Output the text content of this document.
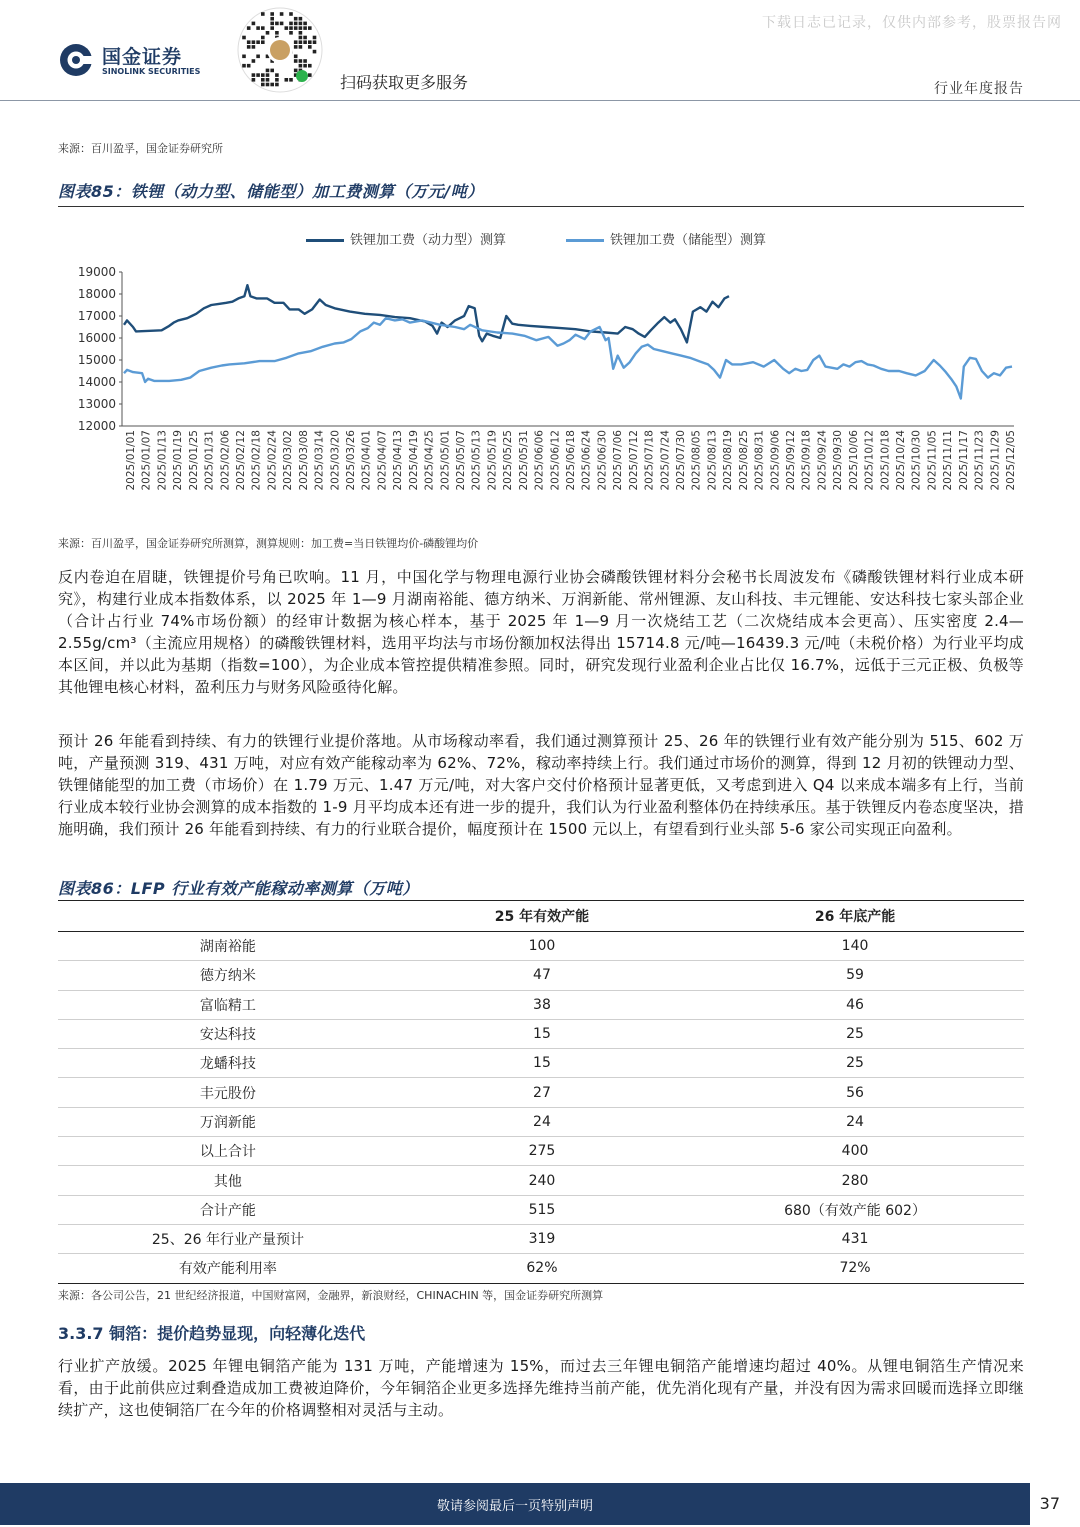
国金证券
SINOLINK SECURITIES
扫码获取更多服务
下载日志已记录，仅供内部参考，股票报告网
行业年度报告
来源：百川盈孚，国金证券研究所
图表85：铁锂（动力型、储能型）加工费测算（万元/吨）
铁锂加工费（动力型）测算	铁锂加工费（储能型）测算
19000
18000
17000
16000
15000
14000
13000
12000
2025/01/01 2025/01/07 2025/01/13 2025/01/19 2025/01/25 2025/01/31 2025/02/06 2025/02/12 2025/02/18 2025/02/24 2025/03/02 2025/03/08 2025/03/14 2025/03/20 2025/03/26 2025/04/01 2025/04/07 2025/04/13 2025/04/19 2025/04/25 2025/05/01 2025/05/07 2025/05/13 2025/05/19 2025/05/25 2025/05/31 2025/06/06 2025/06/12 2025/06/18 2025/06/24 2025/06/30 2025/07/06 2025/07/12 2025/07/18 2025/07/24 2025/07/30 2025/08/05 2025/08/13 2025/08/19 2025/08/25 2025/08/31 2025/09/06 2025/09/12 2025/09/18 2025/09/24 2025/09/30 2025/10/06 2025/10/12 2025/10/18 2025/10/24 2025/10/30 2025/11/05 2025/11/11 2025/11/17 2025/11/23 2025/11/29 2025/12/05
来源：百川盈孚，国金证券研究所测算，测算规则：加工费=当日铁锂均价-磷酸锂均价
反内卷迫在眉睫，铁锂提价号角已吹响。11 月，中国化学与物理电源行业协会磷酸铁锂材料分会秘书长周波发布《磷酸铁锂材料行业成本研究》，构建行业成本指数体系，以 2025 年 1—9 月湖南裕能、德方纳米、万润新能、常州锂源、友山科技、丰元锂能、安达科技七家头部企业（合计占行业 74%市场份额）的经审计数据为核心样本，基于 2025 年 1—9 月一次烧结工艺（二次烧结成本会更高）、压实密度 2.4—2.55g/cm³（主流应用规格）的磷酸铁锂材料，选用平均法与市场份额加权法得出 15714.8 元/吨—16439.3 元/吨（未税价格）为行业平均成本区间，并以此为基期（指数=100），为企业成本管控提供精准参照。同时，研究发现行业盈利企业占比仅 16.7%，远低于三元正极、负极等其他锂电核心材料，盈利压力与财务风险亟待化解。
预计 26 年能看到持续、有力的铁锂行业提价落地。从市场稼动率看，我们通过测算预计 25、26 年的铁锂行业有效产能分别为 515、602 万吨，产量预测 319、431 万吨，对应有效产能稼动率为 62%、72%，稼动率持续上行。我们通过市场价的测算，得到 12 月初的铁锂动力型、铁锂储能型的加工费（市场价）在 1.79 万元、1.47 万元/吨，对大客户交付价格预计显著更低，又考虑到进入 Q4 以来成本端多有上行，当前行业成本较行业协会测算的成本指数的 1-9 月平均成本还有进一步的提升，我们认为行业盈利整体仍在持续承压。基于铁锂反内卷态度坚决，措施明确，我们预计 26 年能看到持续、有力的行业联合提价，幅度预计在 1500 元以上，有望看到行业头部 5-6 家公司实现正向盈利。
图表86：LFP 行业有效产能稼动率测算（万吨）
	25 年有效产能	26 年底产能
湖南裕能	100	140
德方纳米	47	59
富临精工	38	46
安达科技	15	25
龙蟠科技	15	25
丰元股份	27	56
万润新能	24	24
以上合计	275	400
其他	240	280
合计产能	515	680（有效产能 602）
25、26 年行业产量预计	319	431
有效产能利用率	62%	72%
来源：各公司公告，21 世纪经济报道，中国财富网，金融界，新浪财经，CHINACHIN 等，国金证券研究所测算
3.3.7 铜箔：提价趋势显现，向轻薄化迭代
行业扩产放缓。2025 年锂电铜箔产能为 131 万吨，产能增速为 15%，而过去三年锂电铜箔产能增速均超过 40%。从锂电铜箔生产情况来看，由于此前供应过剩叠造成加工费被迫降价，今年铜箔企业更多选择先维持当前产能，优先消化现有产量，并没有因为需求回暖而选择立即继续扩产，这也使铜箔厂在今年的价格调整相对灵活与主动。
敬请参阅最后一页特别声明	37
